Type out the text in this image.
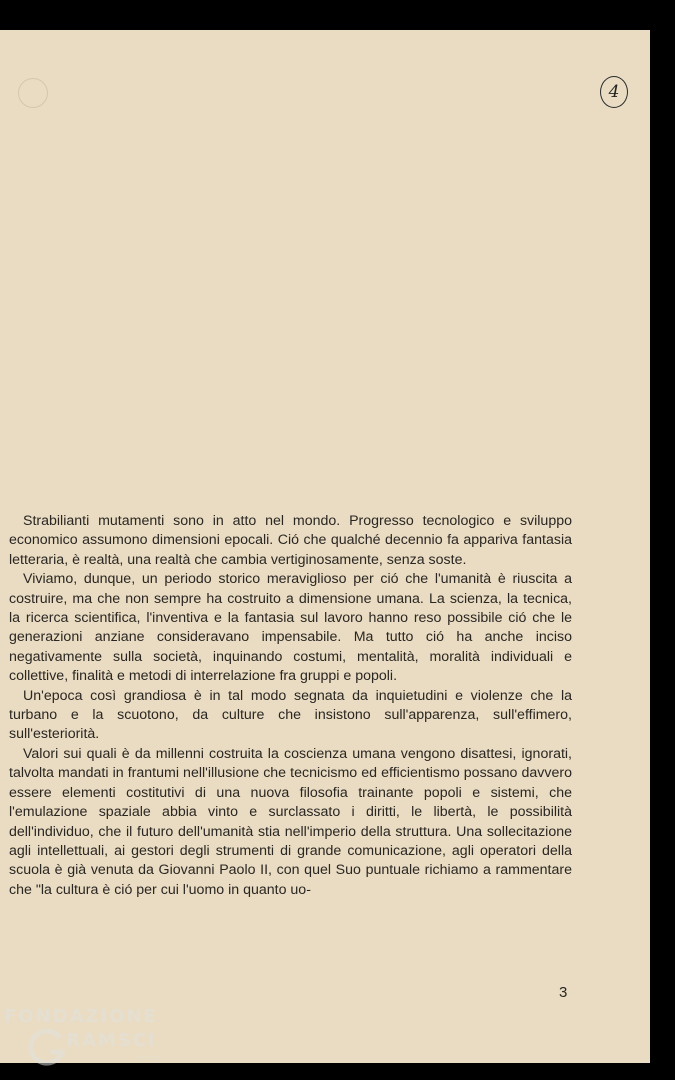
4

Strabilianti mutamenti sono in atto nel mondo. Progresso tecnologico e sviluppo economico assumono dimensioni epocali. Ció che qualché decennio fa appariva fantasia letteraria, è realtà, una realtà che cambia vertiginosamente, senza soste.

Viviamo, dunque, un periodo storico meraviglioso per ció che l'umanità è riuscita a costruire, ma che non sempre ha costruito a dimensione umana. La scienza, la tecnica, la ricerca scientifica, l'inventiva e la fantasia sul lavoro hanno reso possibile ció che le generazioni anziane consideravano impensabile. Ma tutto ció ha anche inciso negativamente sulla società, inquinando costumi, mentalità, moralità individuali e collettive, finalità e metodi di interrelazione fra gruppi e popoli.

Un'epoca così grandiosa è in tal modo segnata da inquietudini e violenze che la turbano e la scuotono, da culture che insistono sull'apparenza, sull'effimero, sull'esteriorità.

Valori sui quali è da millenni costruita la coscienza umana vengono disattesi, ignorati, talvolta mandati in frantumi nell'illusione che tecnicismo ed efficientismo possano davvero essere elementi costitutivi di una nuova filosofia trainante popoli e sistemi, che l'emulazione spaziale abbia vinto e surclassato i diritti, le libertà, le possibilità dell'individuo, che il futuro dell'umanità stia nell'imperio della struttura. Una sollecitazione agli intellettuali, ai gestori degli strumenti di grande comunicazione, agli operatori della scuola è già venuta da Giovanni Paolo II, con quel Suo puntuale richiamo a rammentare che "la cultura è ció per cui l'uomo in quanto uo-

3
FONDAZIONE
RAMSCI
onlus
